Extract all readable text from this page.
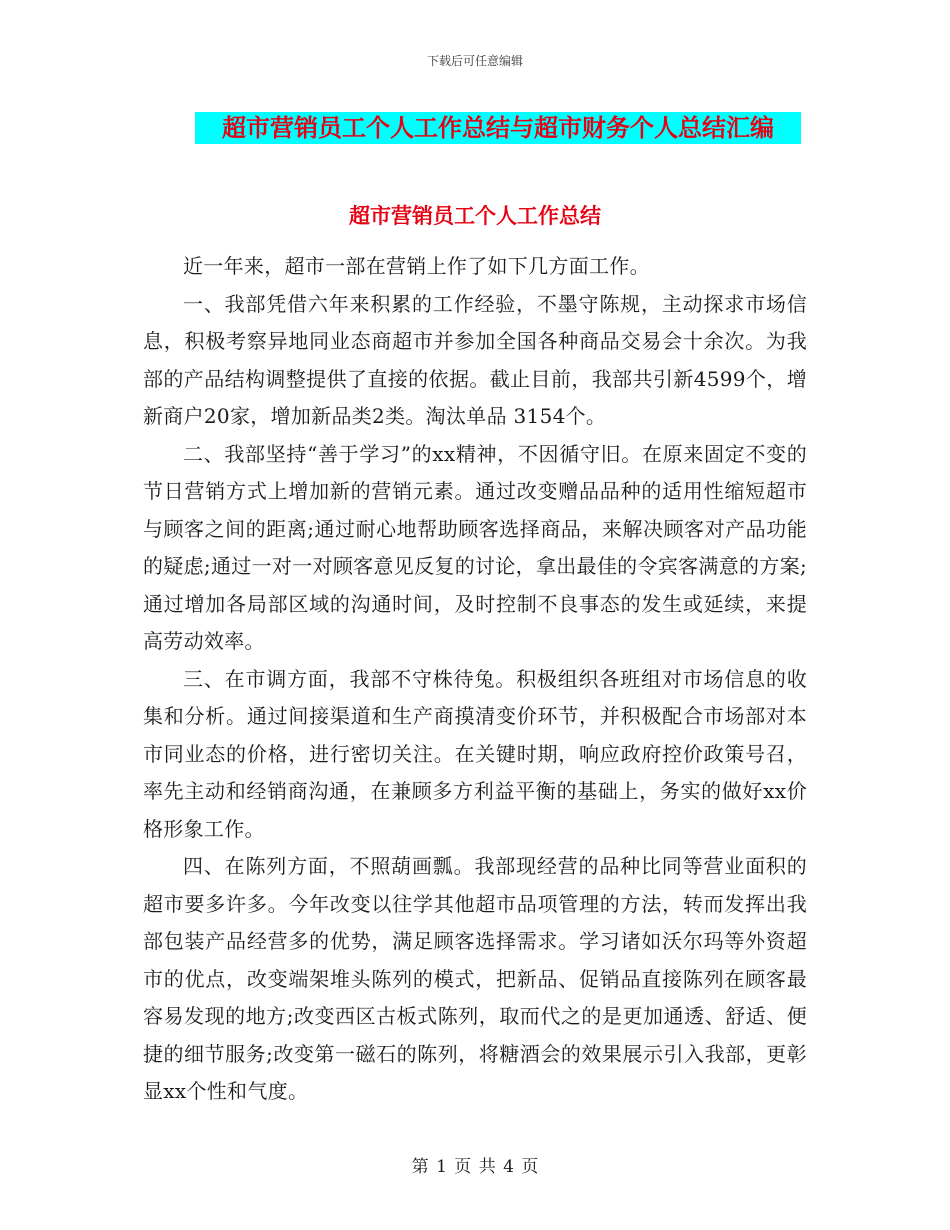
下载后可任意编辑
超市营销员工个人工作总结与超市财务个人总结汇编
超市营销员工个人工作总结

近一年来，超市一部在营销上作了如下几方面工作。

一、我部凭借六年来积累的工作经验，不墨守陈规，主动探求市场信息，积极考察异地同业态商超市并参加全国各种商品交易会十余次。为我部的产品结构调整提供了直接的依据。截止目前，我部共引新4599个，增新商户20家，增加新品类2类。淘汰单品 3154个。

二、我部坚持“善于学习”的xx精神，不因循守旧。在原来固定不变的节日营销方式上增加新的营销元素。通过改变赠品品种的适用性缩短超市与顾客之间的距离;通过耐心地帮助顾客选择商品，来解决顾客对产品功能的疑虑;通过一对一对顾客意见反复的讨论，拿出最佳的令宾客满意的方案;通过增加各局部区域的沟通时间，及时控制不良事态的发生或延续，来提高劳动效率。

三、在市调方面，我部不守株待兔。积极组织各班组对市场信息的收集和分析。通过间接渠道和生产商摸清变价环节，并积极配合市场部对本市同业态的价格，进行密切关注。在关键时期，响应政府控价政策号召，率先主动和经销商沟通，在兼顾多方利益平衡的基础上，务实的做好xx价格形象工作。

四、在陈列方面，不照葫画瓢。我部现经营的品种比同等营业面积的超市要多许多。今年改变以往学其他超市品项管理的方法，转而发挥出我部包装产品经营多的优势，满足顾客选择需求。学习诸如沃尔玛等外资超市的优点，改变端架堆头陈列的模式，把新品、促销品直接陈列在顾客最容易发现的地方;改变西区古板式陈列，取而代之的是更加通透、舒适、便捷的细节服务;改变第一磁石的陈列，将糖酒会的效果展示引入我部，更彰显xx个性和气度。

第 1 页 共 4 页
